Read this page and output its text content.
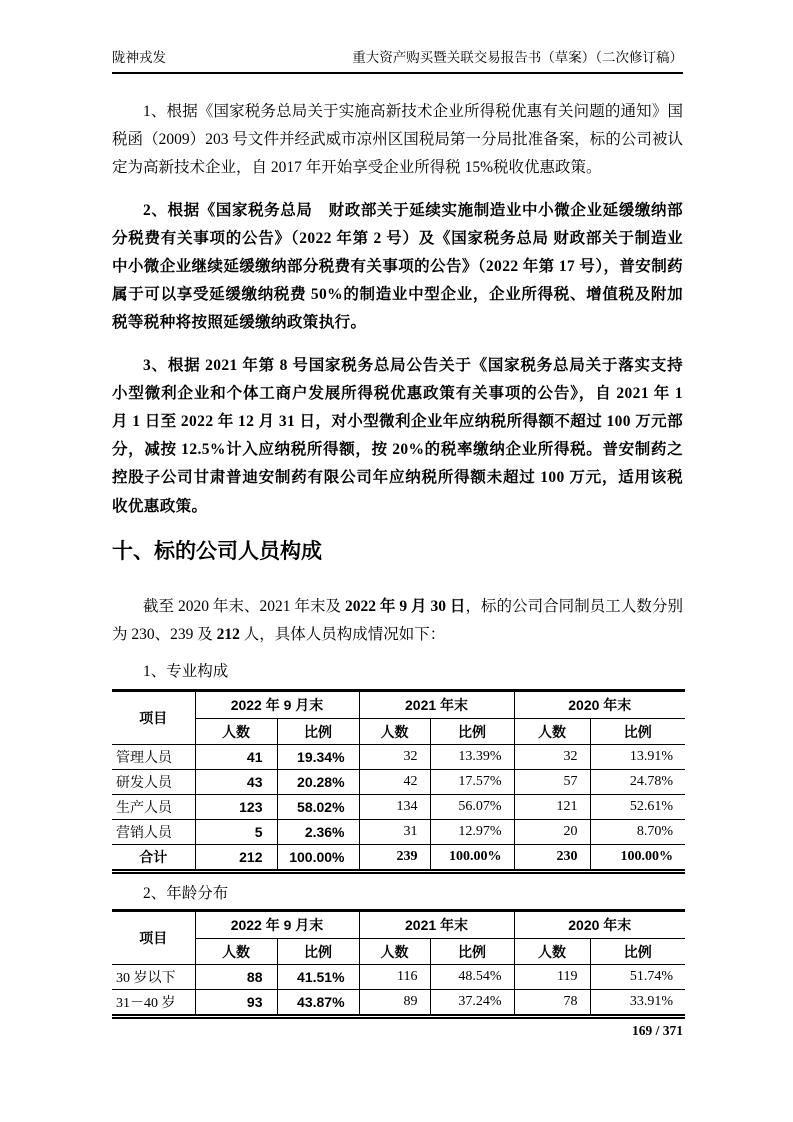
陇神戎发	重大资产购买暨关联交易报告书（草案）（二次修订稿）

1、根据《国家税务总局关于实施高新技术企业所得税优惠有关问题的通知》国税函（2009）203 号文件并经武威市凉州区国税局第一分局批准备案，标的公司被认定为高新技术企业，自 2017 年开始享受企业所得税 15%税收优惠政策。

2、根据《国家税务总局　财政部关于延续实施制造业中小微企业延缓缴纳部分税费有关事项的公告》（2022 年第 2 号）及《国家税务总局 财政部关于制造业中小微企业继续延缓缴纳部分税费有关事项的公告》（2022 年第 17 号），普安制药属于可以享受延缓缴纳税费 50%的制造业中型企业，企业所得税、增值税及附加税等税种将按照延缓缴纳政策执行。

3、根据 2021 年第 8 号国家税务总局公告关于《国家税务总局关于落实支持小型微利企业和个体工商户发展所得税优惠政策有关事项的公告》，自 2021 年 1 月 1 日至 2022 年 12 月 31 日，对小型微利企业年应纳税所得额不超过 100 万元部分，减按 12.5%计入应纳税所得额，按 20%的税率缴纳企业所得税。普安制药之控股子公司甘肃普迪安制药有限公司年应纳税所得额未超过 100 万元，适用该税收优惠政策。

十、标的公司人员构成

截至 2020 年末、2021 年末及 2022 年 9 月 30 日，标的公司合同制员工人数分别为 230、239 及 212 人，具体人员构成情况如下：

1、专业构成

项目	2022 年 9 月末		2021 年末		2020 年末	
	人数	比例	人数	比例	人数	比例
管理人员	41	19.34%	32	13.39%	32	13.91%
研发人员	43	20.28%	42	17.57%	57	24.78%
生产人员	123	58.02%	134	56.07%	121	52.61%
营销人员	5	2.36%	31	12.97%	20	8.70%
合计	212	100.00%	239	100.00%	230	100.00%

2、年龄分布

项目	2022 年 9 月末		2021 年末		2020 年末	
	人数	比例	人数	比例	人数	比例
30 岁以下	88	41.51%	116	48.54%	119	51.74%
31－40 岁	93	43.87%	89	37.24%	78	33.91%
169 / 371
